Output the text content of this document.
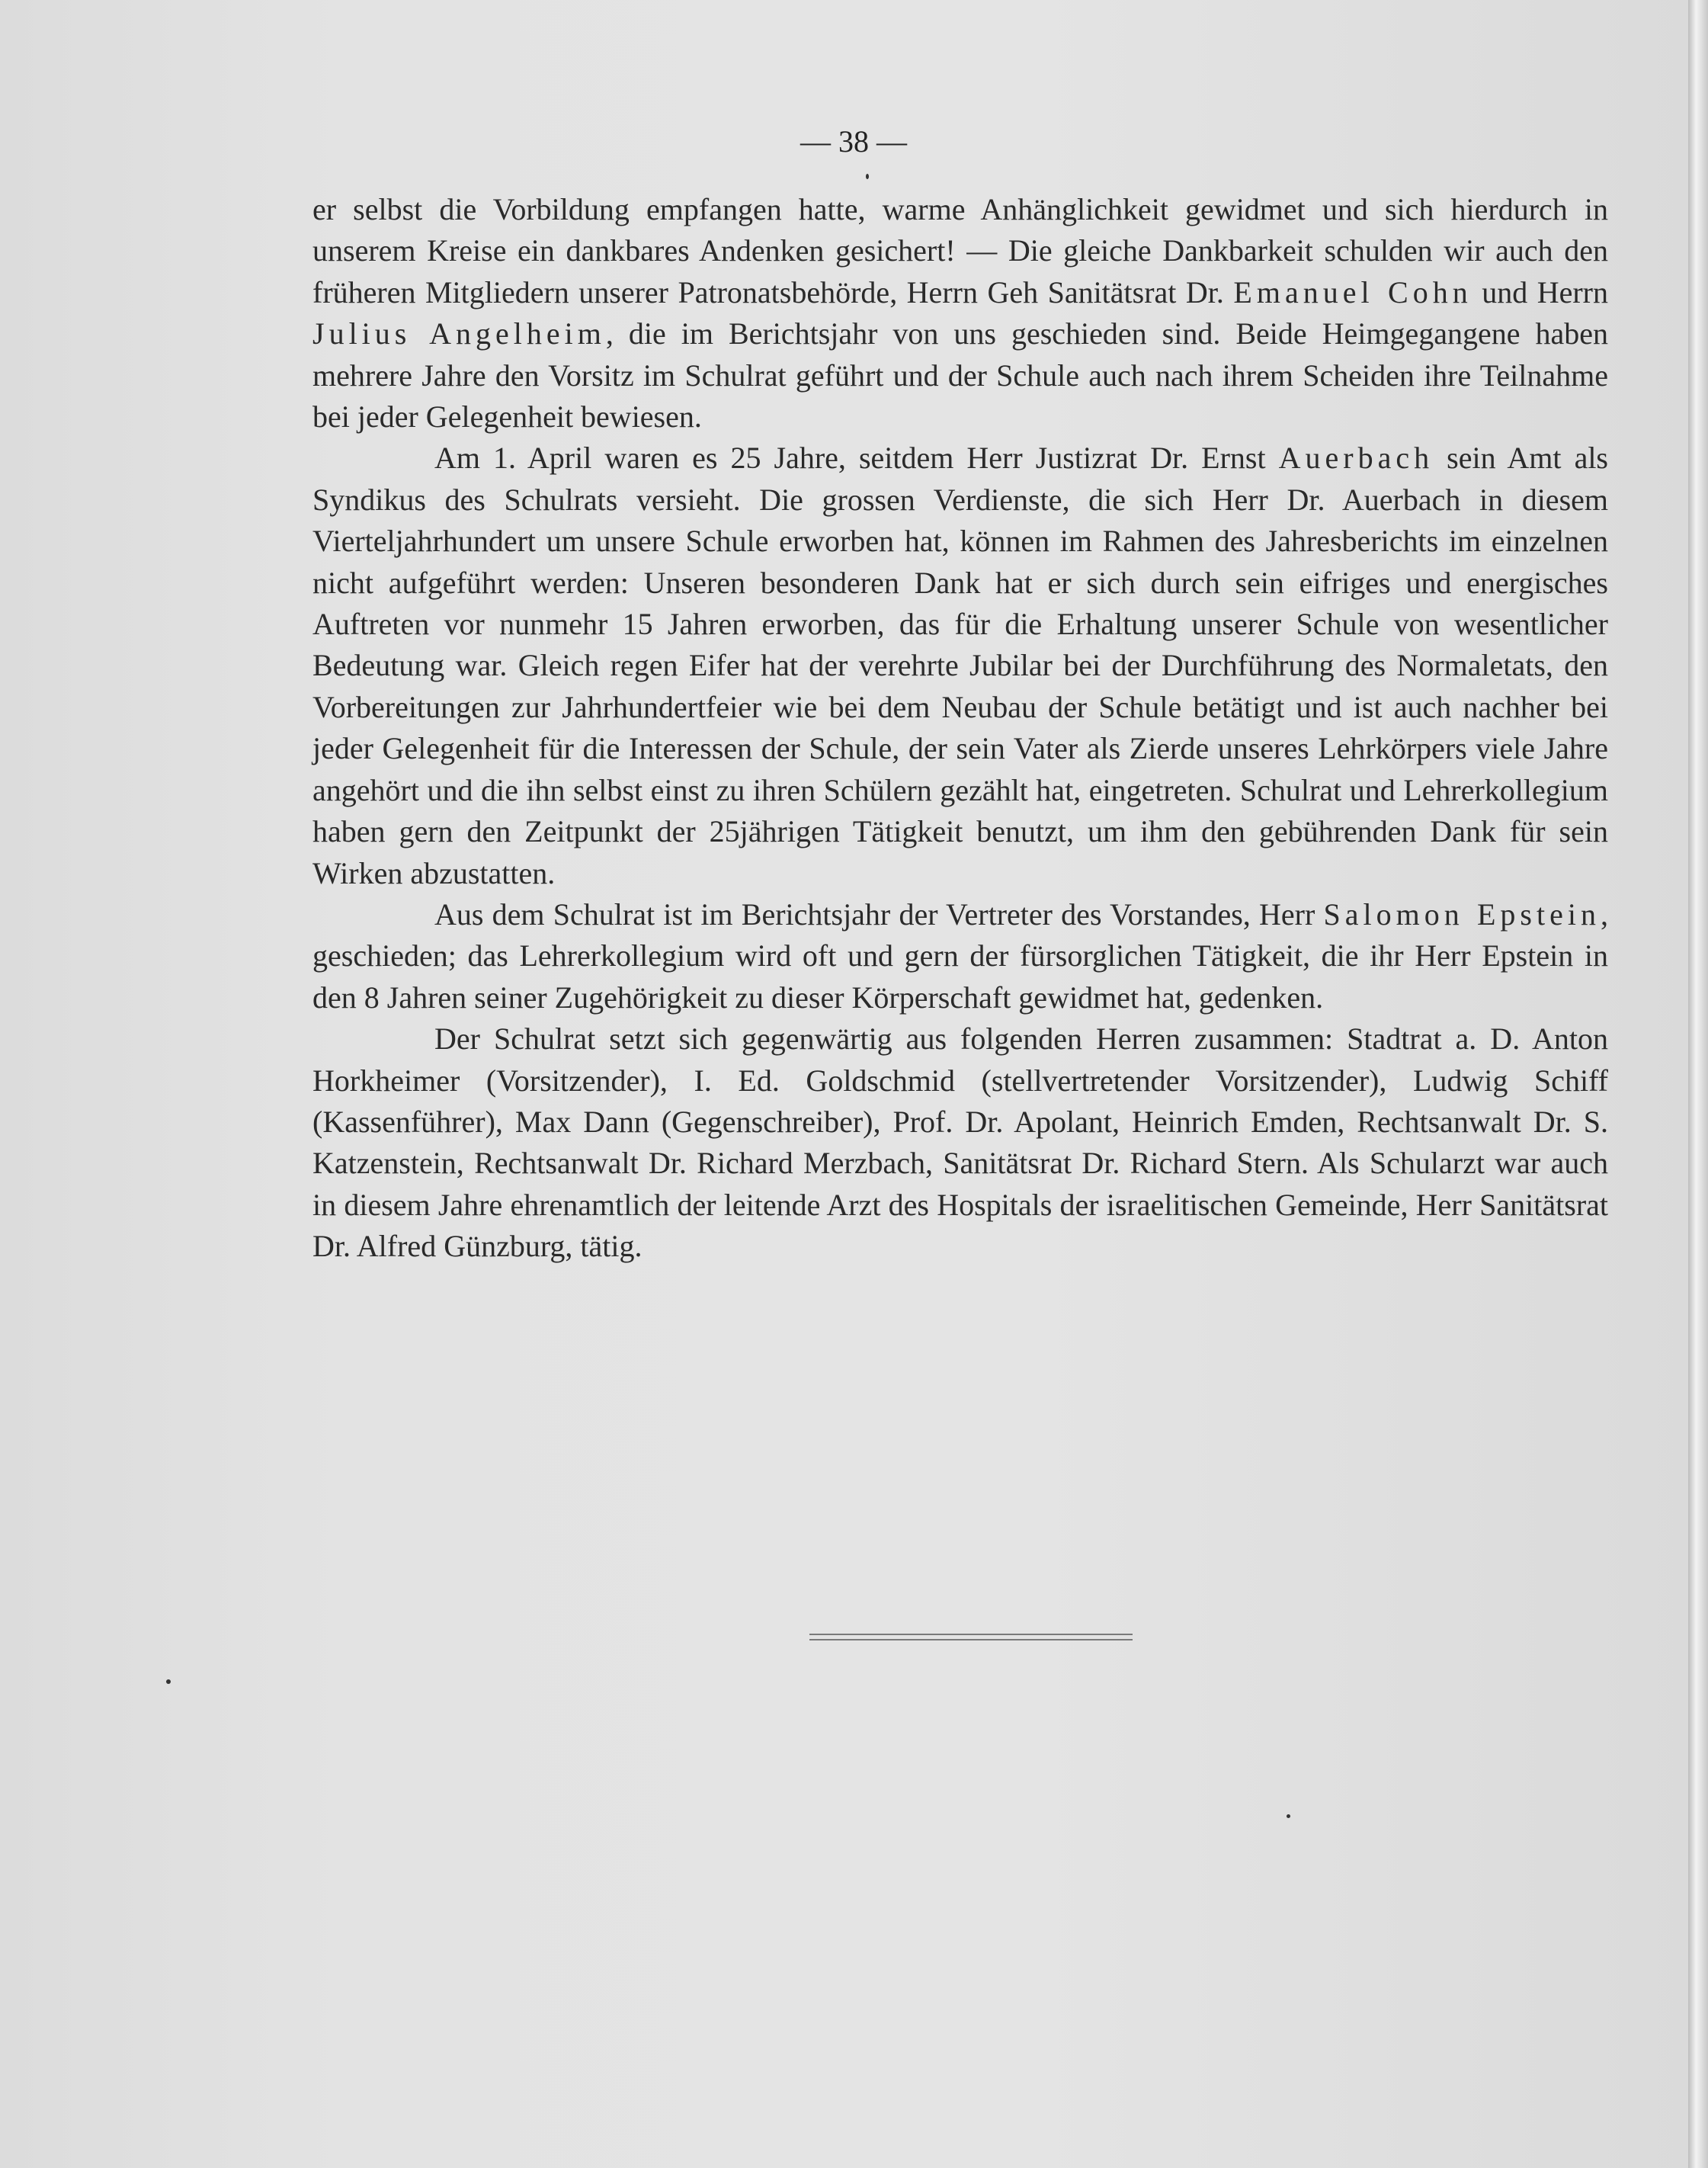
— 38 —

er selbst die Vorbildung empfangen hatte, warme Anhänglichkeit gewidmet und sich hierdurch in unserem Kreise ein dankbares Andenken gesichert! — Die gleiche Dankbarkeit schulden wir auch den früheren Mitgliedern unserer Patronatsbehörde, Herrn Geh Sanitätsrat Dr. Emanuel Cohn und Herrn Julius Angelheim, die im Berichtsjahr von uns geschieden sind. Beide Heimgegangene haben mehrere Jahre den Vorsitz im Schulrat geführt und der Schule auch nach ihrem Scheiden ihre Teilnahme bei jeder Gelegenheit bewiesen.

Am 1. April waren es 25 Jahre, seitdem Herr Justizrat Dr. Ernst Auerbach sein Amt als Syndikus des Schulrats versieht. Die grossen Verdienste, die sich Herr Dr. Auerbach in diesem Vierteljahrhundert um unsere Schule erworben hat, können im Rahmen des Jahresberichts im einzelnen nicht aufgeführt werden: Unseren besonderen Dank hat er sich durch sein eifriges und energisches Auftreten vor nunmehr 15 Jahren erworben, das für die Erhaltung unserer Schule von wesentlicher Bedeutung war. Gleich regen Eifer hat der verehrte Jubilar bei der Durchführung des Normaletats, den Vorbereitungen zur Jahrhundertfeier wie bei dem Neubau der Schule betätigt und ist auch nachher bei jeder Gelegenheit für die Interessen der Schule, der sein Vater als Zierde unseres Lehrkörpers viele Jahre angehört und die ihn selbst einst zu ihren Schülern gezählt hat, eingetreten. Schulrat und Lehrerkollegium haben gern den Zeitpunkt der 25jährigen Tätigkeit benutzt, um ihm den gebührenden Dank für sein Wirken abzustatten.

Aus dem Schulrat ist im Berichtsjahr der Vertreter des Vorstandes, Herr Salomon Epstein, geschieden; das Lehrerkollegium wird oft und gern der fürsorglichen Tätigkeit, die ihr Herr Epstein in den 8 Jahren seiner Zugehörigkeit zu dieser Körperschaft gewidmet hat, gedenken.

Der Schulrat setzt sich gegenwärtig aus folgenden Herren zusammen: Stadtrat a. D. Anton Horkheimer (Vorsitzender), I. Ed. Goldschmid (stellvertretender Vorsitzender), Ludwig Schiff (Kassenführer), Max Dann (Gegenschreiber), Prof. Dr. Apolant, Heinrich Emden, Rechtsanwalt Dr. S. Katzenstein, Rechtsanwalt Dr. Richard Merzbach, Sanitätsrat Dr. Richard Stern. Als Schularzt war auch in diesem Jahre ehrenamtlich der leitende Arzt des Hospitals der israelitischen Gemeinde, Herr Sanitätsrat Dr. Alfred Günzburg, tätig.
